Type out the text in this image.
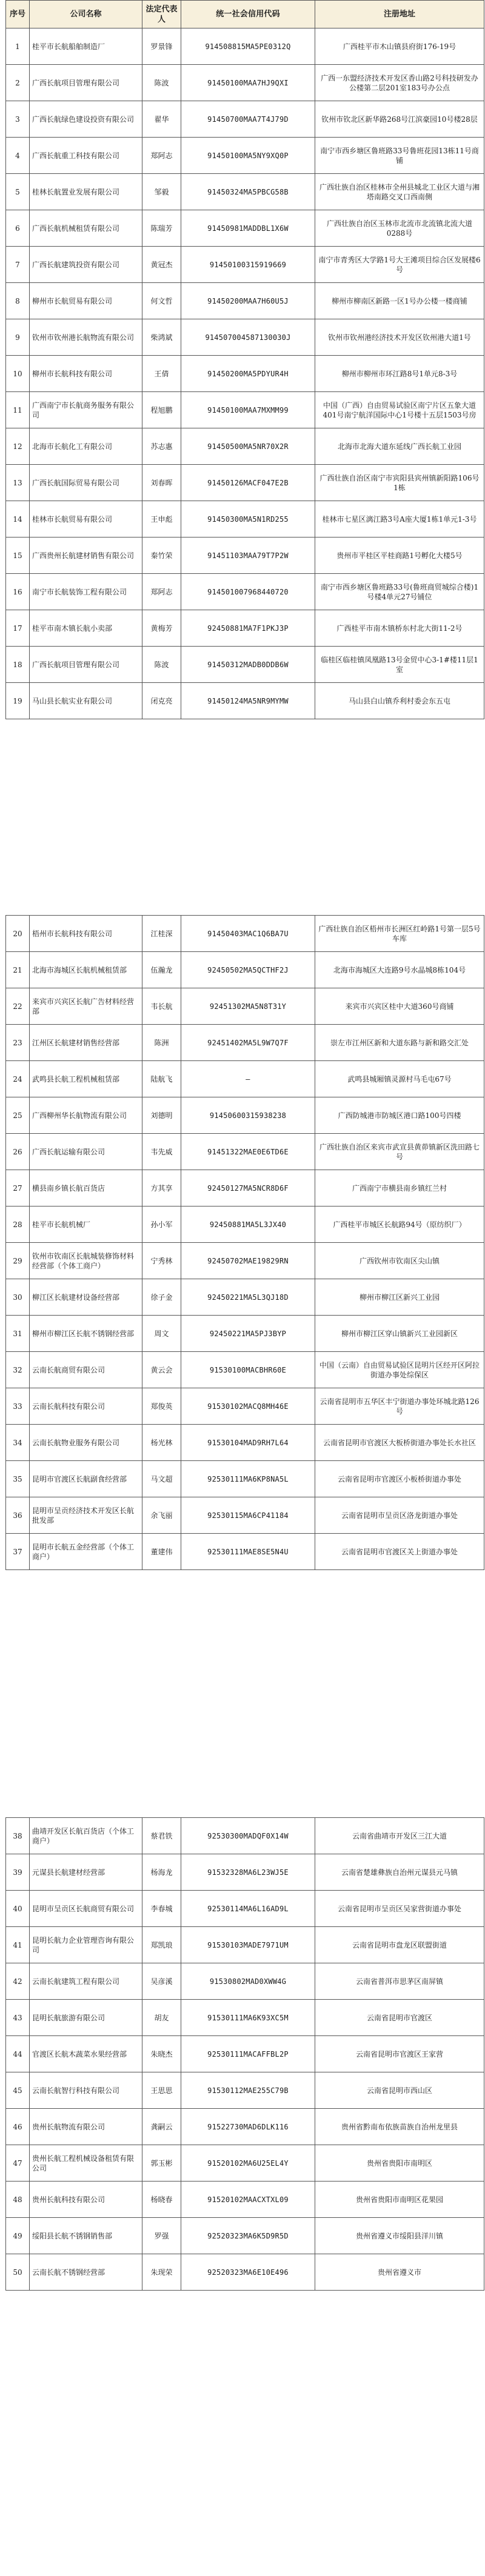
序号	公司名称	法定代表人	统一社会信用代码	注册地址
1	桂平市长航船舶制造厂	罗景锋	914508815MA5PE0312Q	广西桂平市木山镇县府街176-19号
2	广西长航项目管理有限公司	陈波	91450100MAA7HJ9QXI	广西一东盟经济技术开发区香山路2号科技研发办公楼第二层201室183号办公点
3	广西长航绿色建设投资有限公司	翟华	91450700MAA7T4J79D	钦州市钦北区新华路268号江滨豪园10号楼28层
4	广西长航重工科技有限公司	郑阿志	91450100MA5NY9XQ0P	南宁市西乡塘区鲁班路33号鲁班花园13栋11号商铺
5	桂林长航置业发展有限公司	邹毅	91450324MA5PBCG58B	广西壮族自治区桂林市全州县城北工业区大道与湘塔南路交叉口西南侧
6	广西长航机械租赁有限公司	陈瑞芳	91450981MADDBL1X6W	广西壮族自治区玉林市北流市北流镇北流大道0288号
7	广西长航建筑投资有限公司	黄冠杰	91450100315919669	南宁市青秀区大学路1号大王滩项目综合区发展楼6号
8	柳州市长航贸易有限公司	何文哲	91450200MAA7H60U5J	柳州市柳南区新路一区1号办公楼一楼商铺
9	钦州市钦州港长航物流有限公司	柴鸿斌	914507004587130030J	钦州市钦州港经济技术开发区钦州港大道1号
10	柳州市长航科技有限公司	王倩	91450200MA5PDYUR4H	柳州市柳州市环江路8号1单元8-3号
11	广西南宁市长航商务服务有限公司	程旭鹏	91450100MAA7MXMM99	中国（广西）自由贸易试验区南宁片区五象大道401号南宁航洋国际中心1号楼十五层1503号房
12	北海市长航化工有限公司	苏志惠	91450500MA5NR70X2R	北海市北海大道东延线广西长航工业园
13	广西长航国际贸易有限公司	刘春晖	91450126MACF047E2B	广西壮族自治区南宁市宾阳县宾州镇新阳路106号1栋
14	桂林市长航贸易有限公司	王申彪	91450300MA5N1RD255	桂林市七星区漓江路3号A座大厦1栋1单元1-3号
15	广西贵州长航建材销售有限公司	秦竹荣	91451103MAA79T7P2W	贵州市平桂区平桂商路1号孵化大楼5号
16	南宁市长航装饰工程有限公司	郑阿志	914501007968440720	南宁市西乡塘区鲁班路33号(鲁班商贸城综合楼)1号楼4单元27号铺位
17	桂平市南木镇长航小卖部	黄梅芳	92450881MA7F1PKJ3P	广西桂平市南木镇桥东村北大街11-2号
18	广西长航项目管理有限公司	陈波	91450312MADB0DDB6W	临桂区临桂镇凤凰路13号金贸中心3-1#楼11层1室
19	马山县长航实业有限公司	闭克亮	91450124MA5NR9MYMW	马山县白山镇乔利村委会东五屯
20	梧州市长航科技有限公司	江桂深	91450403MAC1Q6BA7U	广西壮族自治区梧州市长洲区红岭路1号第一层5号车库
21	北海市海城区长航机械租赁部	伍瀚龙	92450502MA5QCTHF2J	北海市海城区大连路9号水晶城8栋104号
22	来宾市兴宾区长航广告材料经营部	韦长航	92451302MA5N8T31Y	来宾市兴宾区桂中大道360号商铺
23	江州区长航建材销售经营部	陈洲	92451402MA5L9W7Q7F	崇左市江州区新和大道东路与新和路交汇处
24	武鸣县长航工程机械租赁部	陆航飞	—	武鸣县城厢镇灵源村马毛屯67号
25	广西柳州华长航物流有限公司	刘德明	91450600315938238	广西防城港市防城区港口路100号四楼
26	广西长航运输有限公司	韦先威	91451322MAE0E6TD6E	广西壮族自治区来宾市武宣县黄茆镇新区洗田路七号
27	横县南乡镇长航百货店	方其享	92450127MA5NCR8D6F	广西南宁市横县南乡镇红兰村
28	桂平市长航机械厂	孙小军	92450881MA5L3JX40	广西桂平市城区长航路94号（原纺织厂）
29	钦州市钦南区长航城装修饰材料经营部（个体工商户）	宁秀林	92450702MAE19829RN	广西钦州市钦南区尖山镇
30	柳江区长航建材设备经营部	徐子金	92450221MA5L3QJ18D	柳州市柳江区新兴工业园
31	柳州市柳江区长航不锈钢经营部	周文	92450221MA5PJ3BYP	柳州市柳江区穿山镇新兴工业园新区
32	云南长航商贸有限公司	黄云会	91530100MACBHR60E	中国（云南）自由贸易试验区昆明片区经开区阿拉街道办事处综保区
33	云南长航科技有限公司	郑俊英	91530102MACQ8MH46E	云南省昆明市五华区丰宁街道办事处环城北路126号
34	云南长航物业服务有限公司	杨光林	91530104MAD9RH7L64	云南省昆明市官渡区大板桥街道办事处长水社区
35	昆明市官渡区长航副食经营部	马文超	92530111MA6KP8NA5L	云南省昆明市官渡区小板桥街道办事处
36	昆明市呈贡经济技术开发区长航批发部	余飞丽	92530115MA6CP41184	云南省昆明市呈贡区洛龙街道办事处
37	昆明市长航五金经营部（个体工商户）	董建伟	92530111MAE8SE5N4U	云南省昆明市官渡区关上街道办事处
38	曲靖开发区长航百货店（个体工商户）	蔡君铁	92530300MADQF0X14W	云南省曲靖市开发区三江大道
39	元谋县长航建材经营部	杨海龙	91532328MA6L23WJ5E	云南省楚雄彝族自治州元谋县元马镇
40	昆明市呈贡区长航商贸有限公司	李春城	92530114MA6L16AD9L	云南省昆明市呈贡区吴家营街道办事处
41	昆明长航力企业管理咨询有限公司	郑凯琅	91530103MADE7971UM	云南省昆明市盘龙区联盟街道
42	云南长航建筑工程有限公司	吴彦溪	91530802MAD0XWW4G	云南省普洱市思茅区南屏镇
43	昆明长航旅游有限公司	胡友	91530111MA6K93XC5M	云南省昆明市官渡区
44	官渡区长航木蔬菜水果经营部	朱晓杰	92530111MACAFFBL2P	云南省昆明市官渡区王家营
45	云南长航智行科技有限公司	王思思	91530112MAE255C79B	云南省昆明市西山区
46	贵州长航物流有限公司	龚嗣云	91522730MAD6DLK116	贵州省黔南布依族苗族自治州龙里县
47	贵州长航工程机械设备租赁有限公司	郭玉彬	91520102MA6U25EL4Y	贵州省贵阳市南明区
48	贵州长航科技有限公司	杨晓春	91520102MAACXTXL09	贵州省贵阳市南明区花果园
49	绥阳县长航不锈钢销售部	罗强	92520323MA6K5D9R5D	贵州省遵义市绥阳县洋川镇
50	云南长航不锈钢经营部	朱现荣	92520323MA6E10E496	贵州省遵义市
